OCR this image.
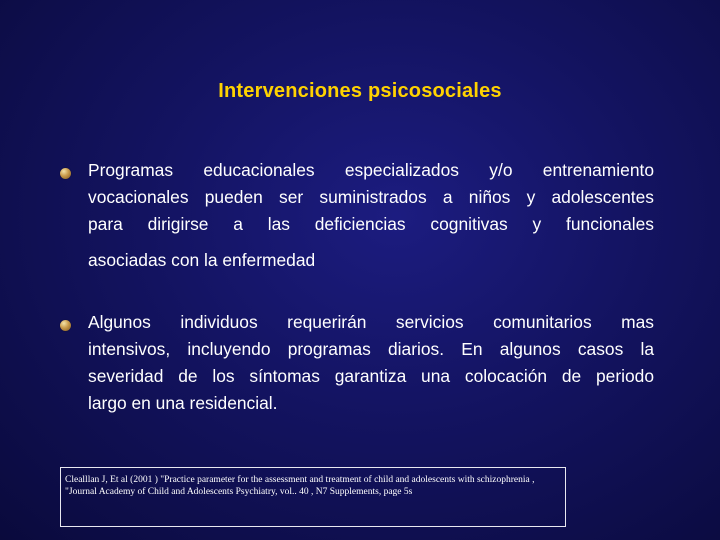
Intervenciones psicosociales
Programas educacionales especializados y/o entrenamiento
vocacionales pueden ser suministrados a niños y adolescentes
para dirigirse a las deficiencias cognitivas y funcionales
asociadas con la enfermedad
Algunos individuos requerirán servicios comunitarios mas
intensivos, incluyendo programas diarios. En algunos casos la
severidad de los síntomas garantiza una colocación de periodo
largo en una residencial.
Clealllan J, Et al (2001 ) "Practice parameter for the assessment and treatment of child and adolescents with schizophrenia ,
"Journal Academy of Child and Adolescents Psychiatry, vol.. 40 , N7 Supplements, page 5s
